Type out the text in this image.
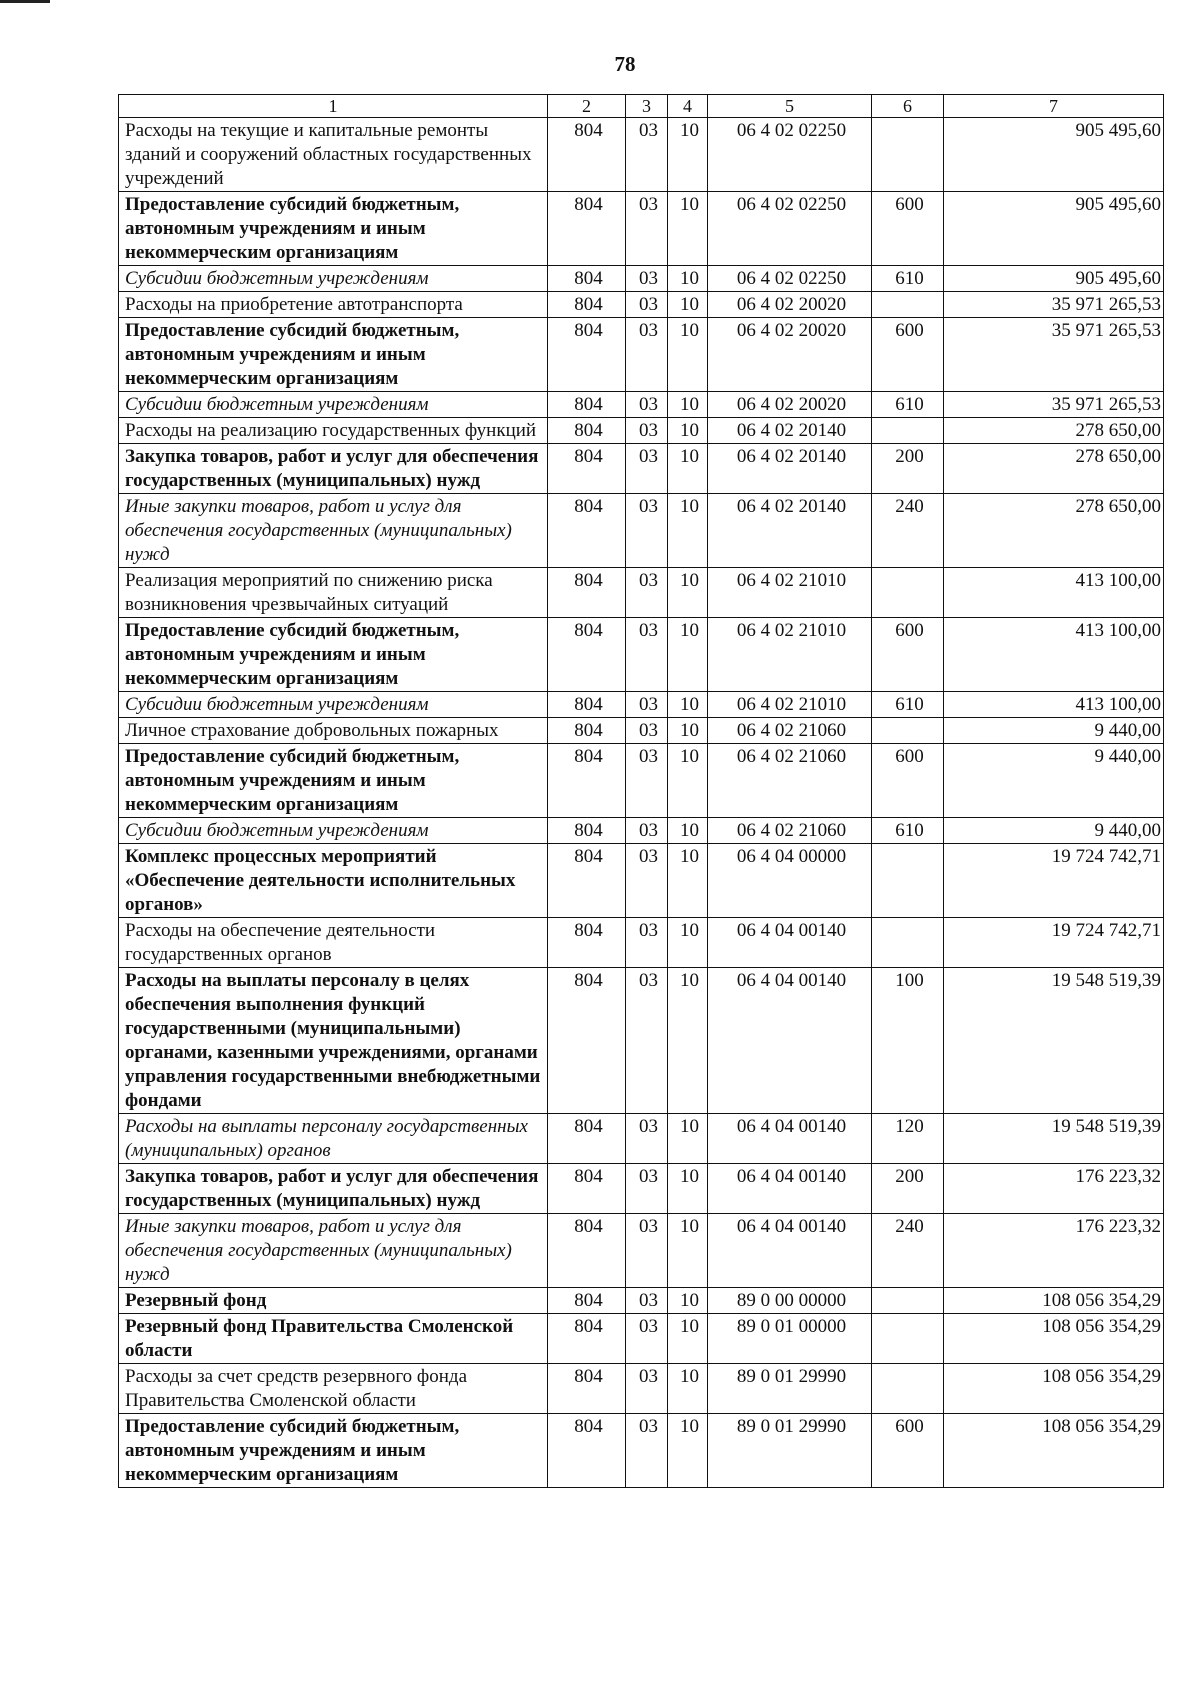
78
1	2	3	4	5	6	7
Расходы на текущие и капитальные ремонты зданий и сооружений областных государственных учреждений	804	03	10	06 4 02 02250		905 495,60
Предоставление субсидий бюджетным, автономным учреждениям и иным некоммерческим организациям	804	03	10	06 4 02 02250	600	905 495,60
Субсидии бюджетным учреждениям	804	03	10	06 4 02 02250	610	905 495,60
Расходы на приобретение автотранспорта	804	03	10	06 4 02 20020		35 971 265,53
Предоставление субсидий бюджетным, автономным учреждениям и иным некоммерческим организациям	804	03	10	06 4 02 20020	600	35 971 265,53
Субсидии бюджетным учреждениям	804	03	10	06 4 02 20020	610	35 971 265,53
Расходы на реализацию государственных функций	804	03	10	06 4 02 20140		278 650,00
Закупка товаров, работ и услуг для обеспечения государственных (муниципальных) нужд	804	03	10	06 4 02 20140	200	278 650,00
Иные закупки товаров, работ и услуг для обеспечения государственных (муниципальных) нужд	804	03	10	06 4 02 20140	240	278 650,00
Реализация мероприятий по снижению риска возникновения чрезвычайных ситуаций	804	03	10	06 4 02 21010		413 100,00
Предоставление субсидий бюджетным, автономным учреждениям и иным некоммерческим организациям	804	03	10	06 4 02 21010	600	413 100,00
Субсидии бюджетным учреждениям	804	03	10	06 4 02 21010	610	413 100,00
Личное страхование добровольных пожарных	804	03	10	06 4 02 21060		9 440,00
Предоставление субсидий бюджетным, автономным учреждениям и иным некоммерческим организациям	804	03	10	06 4 02 21060	600	9 440,00
Субсидии бюджетным учреждениям	804	03	10	06 4 02 21060	610	9 440,00
Комплекс процессных мероприятий «Обеспечение деятельности исполнительных органов»	804	03	10	06 4 04 00000		19 724 742,71
Расходы на обеспечение деятельности государственных органов	804	03	10	06 4 04 00140		19 724 742,71
Расходы на выплаты персоналу в целях обеспечения выполнения функций государственными (муниципальными) органами, казенными учреждениями, органами управления государственными внебюджетными фондами	804	03	10	06 4 04 00140	100	19 548 519,39
Расходы на выплаты персоналу государственных (муниципальных) органов	804	03	10	06 4 04 00140	120	19 548 519,39
Закупка товаров, работ и услуг для обеспечения государственных (муниципальных) нужд	804	03	10	06 4 04 00140	200	176 223,32
Иные закупки товаров, работ и услуг для обеспечения государственных (муниципальных) нужд	804	03	10	06 4 04 00140	240	176 223,32
Резервный фонд	804	03	10	89 0 00 00000		108 056 354,29
Резервный фонд Правительства Смоленской области	804	03	10	89 0 01 00000		108 056 354,29
Расходы за счет средств резервного фонда Правительства Смоленской области	804	03	10	89 0 01 29990		108 056 354,29
Предоставление субсидий бюджетным, автономным учреждениям и иным некоммерческим организациям	804	03	10	89 0 01 29990	600	108 056 354,29
